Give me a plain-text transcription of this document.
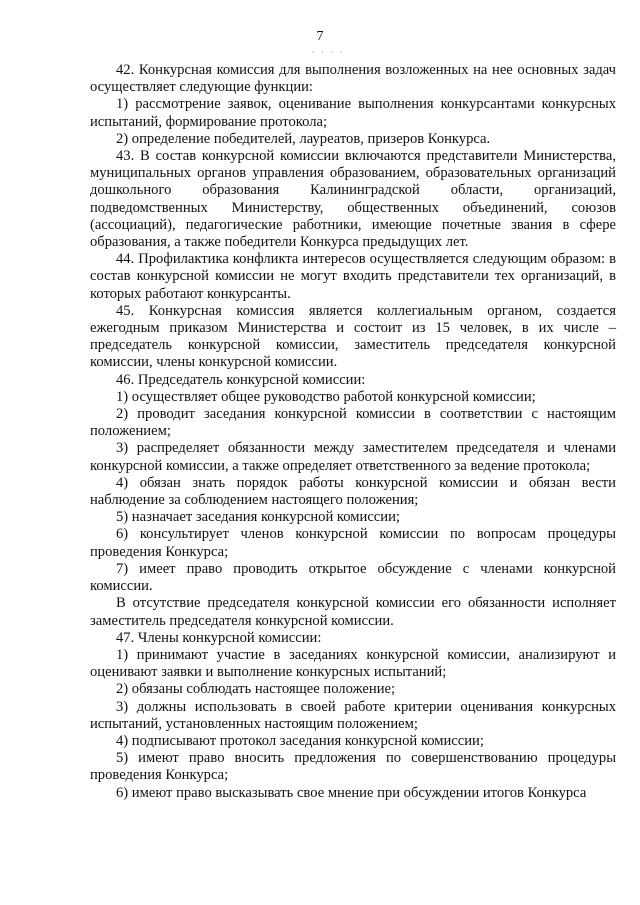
7
· · · ·

42. Конкурсная комиссия для выполнения возложенных на нее основных задач осуществляет следующие функции:

1) рассмотрение заявок, оценивание выполнения конкурсантами конкурсных испытаний, формирование протокола;

2) определение победителей, лауреатов, призеров Конкурса.

43. В состав конкурсной комиссии включаются представители Министерства, муниципальных органов управления образованием, образовательных организаций дошкольного образования Калининградской области, организаций, подведомственных Министерству, общественных объединений, союзов (ассоциаций), педагогические работники, имеющие почетные звания в сфере образования, а также победители Конкурса предыдущих лет.

44. Профилактика конфликта интересов осуществляется следующим образом: в состав конкурсной комиссии не могут входить представители тех организаций, в которых работают конкурсанты.

45. Конкурсная комиссия является коллегиальным органом, создается ежегодным приказом Министерства и состоит из 15 человек, в их числе – председатель конкурсной комиссии, заместитель председателя конкурсной комиссии, члены конкурсной комиссии.

46. Председатель конкурсной комиссии:

1) осуществляет общее руководство работой конкурсной комиссии;

2) проводит заседания конкурсной комиссии в соответствии с настоящим положением;

3) распределяет обязанности между заместителем председателя и членами конкурсной комиссии, а также определяет ответственного за ведение протокола;

4) обязан знать порядок работы конкурсной комиссии и обязан вести наблюдение за соблюдением настоящего положения;

5) назначает заседания конкурсной комиссии;

6) консультирует членов конкурсной комиссии по вопросам процедуры проведения Конкурса;

7) имеет право проводить открытое обсуждение с членами конкурсной комиссии.

В отсутствие председателя конкурсной комиссии его обязанности исполняет заместитель председателя конкурсной комиссии.

47. Члены конкурсной комиссии:

1) принимают участие в заседаниях конкурсной комиссии, анализируют и оценивают заявки и выполнение конкурсных испытаний;

2) обязаны соблюдать настоящее положение;

3) должны использовать в своей работе критерии оценивания конкурсных испытаний, установленных настоящим положением;

4) подписывают протокол заседания конкурсной комиссии;

5) имеют право вносить предложения по совершенствованию процедуры проведения Конкурса;

6) имеют право высказывать свое мнение при обсуждении итогов Конкурса
